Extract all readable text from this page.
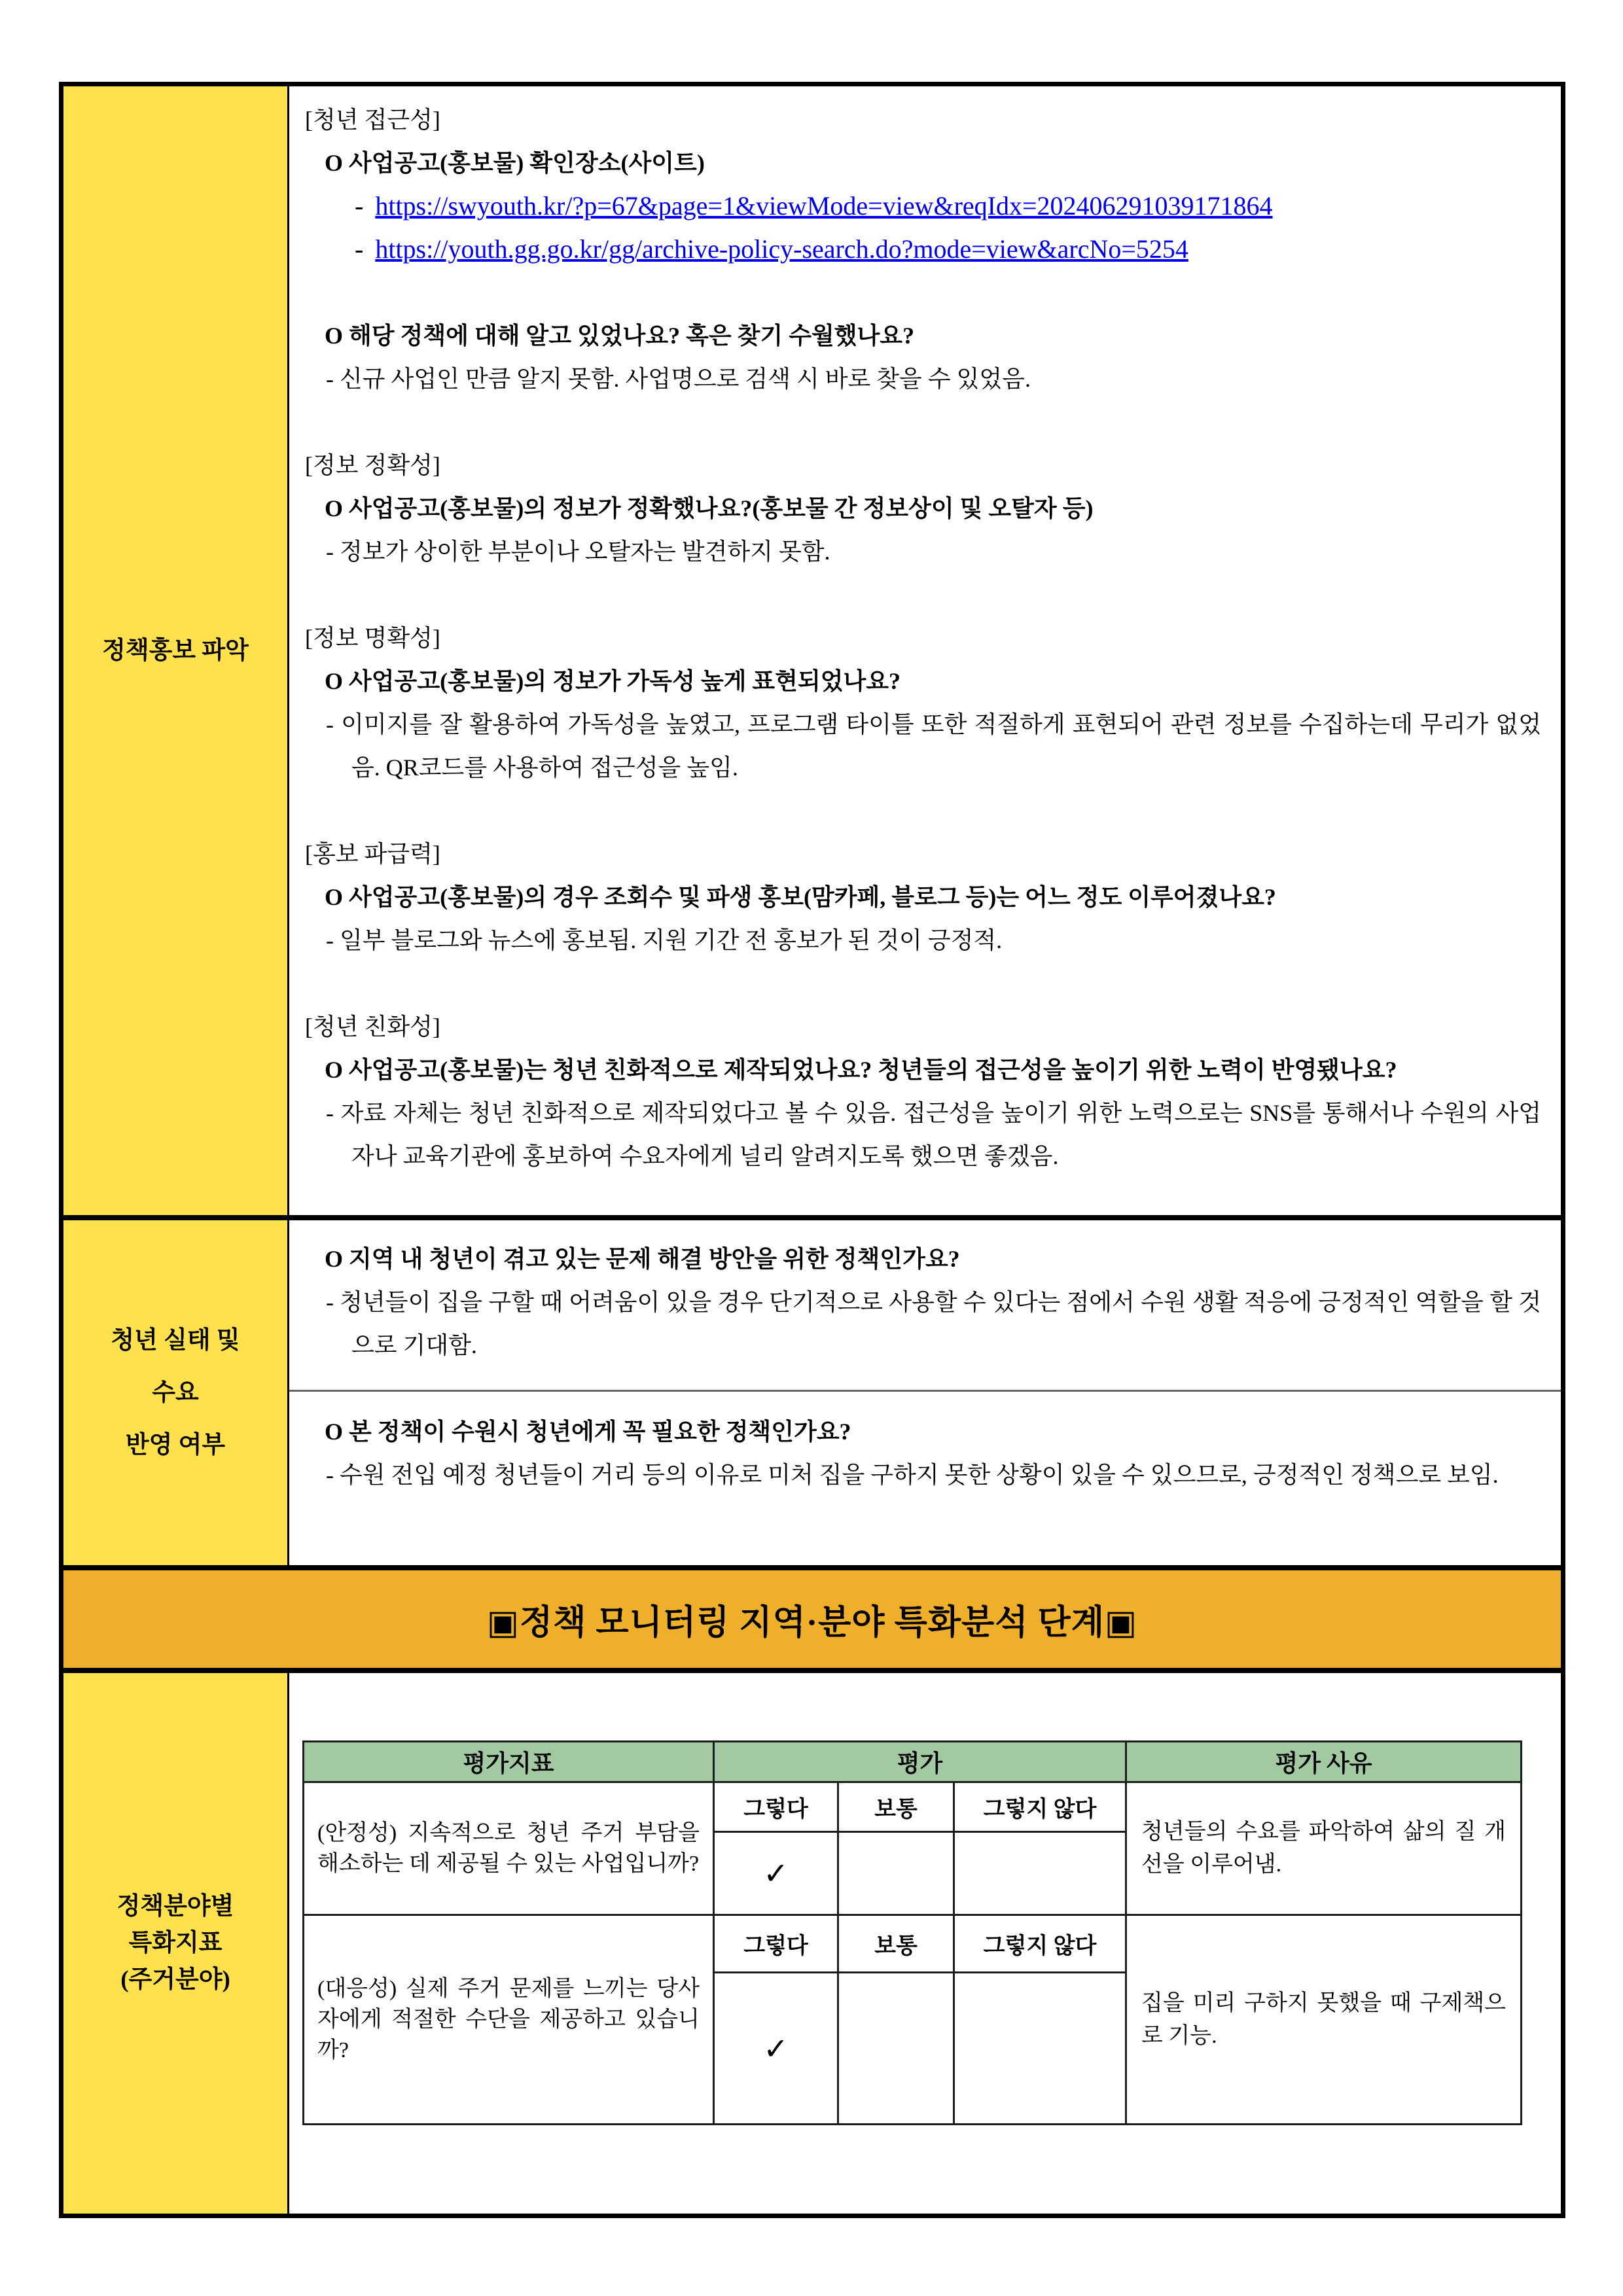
정책홍보 파악
[청년 접근성]
O 사업공고(홍보물) 확인장소(사이트)
- https://swyouth.kr/?p=67&page=1&viewMode=view&reqIdx=202406291039171864
- https://youth.gg.go.kr/gg/archive-policy-search.do?mode=view&arcNo=5254
O 해당 정책에 대해 알고 있었나요? 혹은 찾기 수월했나요?
- 신규 사업인 만큼 알지 못함. 사업명으로 검색 시 바로 찾을 수 있었음.
[정보 정확성]
O 사업공고(홍보물)의 정보가 정확했나요?(홍보물 간 정보상이 및 오탈자 등)
- 정보가 상이한 부분이나 오탈자는 발견하지 못함.
[정보 명확성]
O 사업공고(홍보물)의 정보가 가독성 높게 표현되었나요?
- 이미지를 잘 활용하여 가독성을 높였고, 프로그램 타이틀 또한 적절하게 표현되어 관련 정보를 수집하는데 무리가 없었음. QR코드를 사용하여 접근성을 높임.
[홍보 파급력]
O 사업공고(홍보물)의 경우 조회수 및 파생 홍보(맘카페, 블로그 등)는 어느 정도 이루어졌나요?
- 일부 블로그와 뉴스에 홍보됨. 지원 기간 전 홍보가 된 것이 긍정적.
[청년 친화성]
O 사업공고(홍보물)는 청년 친화적으로 제작되었나요? 청년들의 접근성을 높이기 위한 노력이 반영됐나요?
- 자료 자체는 청년 친화적으로 제작되었다고 볼 수 있음. 접근성을 높이기 위한 노력으로는 SNS를 통해서나 수원의 사업자나 교육기관에 홍보하여 수요자에게 널리 알려지도록 했으면 좋겠음.
청년 실태 및
수요
반영 여부
O 지역 내 청년이 겪고 있는 문제 해결 방안을 위한 정책인가요?
- 청년들이 집을 구할 때 어려움이 있을 경우 단기적으로 사용할 수 있다는 점에서 수원 생활 적응에 긍정적인 역할을 할 것으로 기대함.
O 본 정책이 수원시 청년에게 꼭 필요한 정책인가요?
- 수원 전입 예정 청년들이 거리 등의 이유로 미처 집을 구하지 못한 상황이 있을 수 있으므로, 긍정적인 정책으로 보임.
▣정책 모니터링 지역·분야 특화분석 단계▣
정책분야별
특화지표
(주거분야)
평가지표	평가			평가 사유
(안정성) 지속적으로 청년 주거 부담을 해소하는 데 제공될 수 있는 사업입니까?	그렇다	보통	그렇지 않다	청년들의 수요를 파악하여 삶의 질 개선을 이루어냄.
	✓			
(대응성) 실제 주거 문제를 느끼는 당사자에게 적절한 수단을 제공하고 있습니까?	그렇다	보통	그렇지 않다	집을 미리 구하지 못했을 때 구제책으로 기능.
	✓			
